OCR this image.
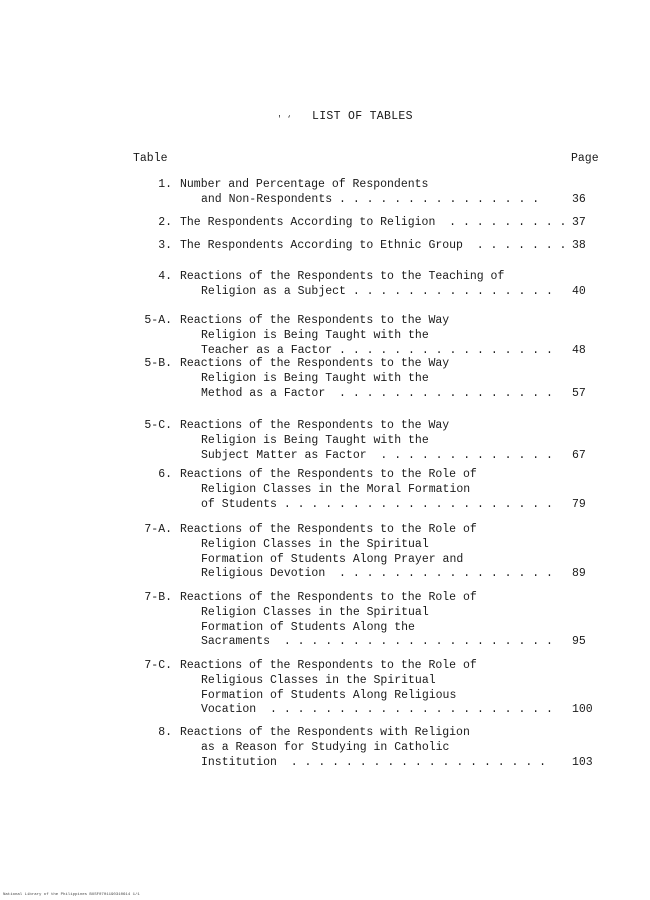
′ ‘ LIST OF TABLES
Table	Page
1. Number and Percentage of Respondents
and Non-Respondents . . . . . . . . . . . . . . .	36
2. The Respondents According to Religion  . . . . . . . . . 37
3. The Respondents According to Ethnic Group  . . . . . . . 38
4. Reactions of the Respondents to the Teaching of
Religion as a Subject . . . . . . . . . . . . . . . 40
5-A. Reactions of the Respondents to the Way
Religion is Being Taught with the
Teacher as a Factor . . . . . . . . . . . . . . . . 48
5-B. Reactions of the Respondents to the Way
Religion is Being Taught with the
Method as a Factor  . . . . . . . . . . . . . . . . 57
5-C. Reactions of the Respondents to the Way
Religion is Being Taught with the
Subject Matter as Factor  . . . . . . . . . . . . . 67
6. Reactions of the Respondents to the Role of
Religion Classes in the Moral Formation
of Students . . . . . . . . . . . . . . . . . . . . 79
7-A. Reactions of the Respondents to the Role of
Religion Classes in the Spiritual
Formation of Students Along Prayer and
Religious Devotion  . . . . . . . . . . . . . . . . 89
7-B. Reactions of the Respondents to the Role of
Religion Classes in the Spiritual
Formation of Students Along the
Sacraments  . . . . . . . . . . . . . . . . . . . . 95
7-C. Reactions of the Respondents to the Role of
Religious Classes in the Spiritual
Formation of Students Along Religious
Vocation  . . . . . . . . . . . . . . . . . . . . . 100
8. Reactions of the Respondents with Religion
as a Reason for Studying in Catholic
Institution  . . . . . . . . . . . . . . . . . . . 103
National Library of the Philippines BUSF0701190310614 1/1
